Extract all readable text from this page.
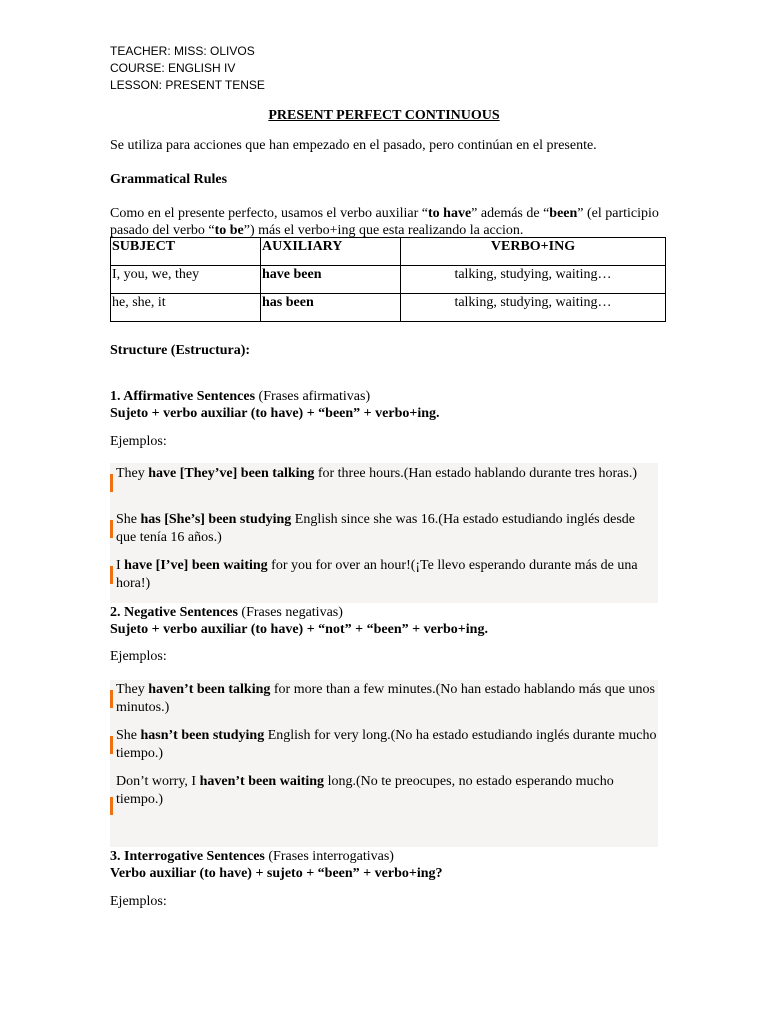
TEACHER: MISS: OLIVOS
COURSE: ENGLISH IV
LESSON: PRESENT TENSE
PRESENT PERFECT CONTINUOUS
Se utiliza para acciones que han empezado en el pasado, pero continúan en el presente.
Grammatical Rules
Como en el presente perfecto, usamos el verbo auxiliar “to have” además de “been” (el participio pasado del verbo “to be”) más el verbo+ing que esta realizando la accion.
SUBJECT	AUXILIARY	VERBO+ING
I, you, we, they	have been	talking, studying, waiting…
he, she, it	has been	talking, studying, waiting…
Structure (Estructura):
1. Affirmative Sentences (Frases afirmativas)
Sujeto + verbo auxiliar (to have) + “been” + verbo+ing.
Ejemplos:
They have [They’ve] been talking for three hours.(Han estado hablando durante tres horas.)
She has [She’s] been studying English since she was 16.(Ha estado estudiando inglés desde que tenía 16 años.)
I have [I’ve] been waiting for you for over an hour!(¡Te llevo esperando durante más de una hora!)
2. Negative Sentences (Frases negativas)
Sujeto + verbo auxiliar (to have) + “not” + “been” + verbo+ing.
Ejemplos:
They haven’t been talking for more than a few minutes.(No han estado hablando más que unos minutos.)
She hasn’t been studying English for very long.(No ha estado estudiando inglés durante mucho tiempo.)
Don’t worry, I haven’t been waiting long.(No te preocupes, no estado esperando mucho tiempo.)
3. Interrogative Sentences (Frases interrogativas)
Verbo auxiliar (to have) + sujeto + “been” + verbo+ing?
Ejemplos:
